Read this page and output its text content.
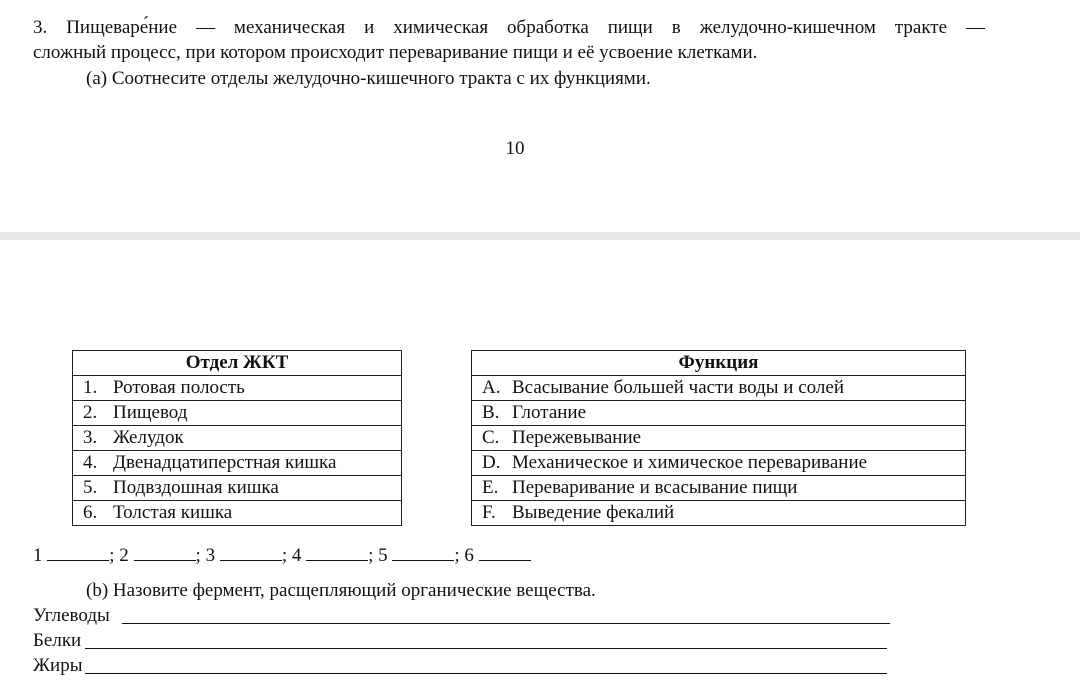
3. Пищеваре́ние — механическая и химическая обработка пищи в желудочно-кишечном тракте —
сложный процесс, при котором происходит переваривание пищи и её усвоение клетками.
(a) Соотнесите отделы желудочно-кишечного тракта с их функциями.
10
Отдел ЖКТ
1. Ротовая полость
2. Пищевод
3. Желудок
4. Двенадцатиперстная кишка
5. Подвздошная кишка
6. Толстая кишка
Функция
A. Всасывание большей части воды и солей
B. Глотание
C. Пережевывание
D. Механическое и химическое переваривание
E. Переваривание и всасывание пищи
F. Выведение фекалий
1	; 2	; 3	; 4	; 5	; 6
(b) Назовите фермент, расщепляющий органические вещества.
Углеводы
Белки
Жиры
